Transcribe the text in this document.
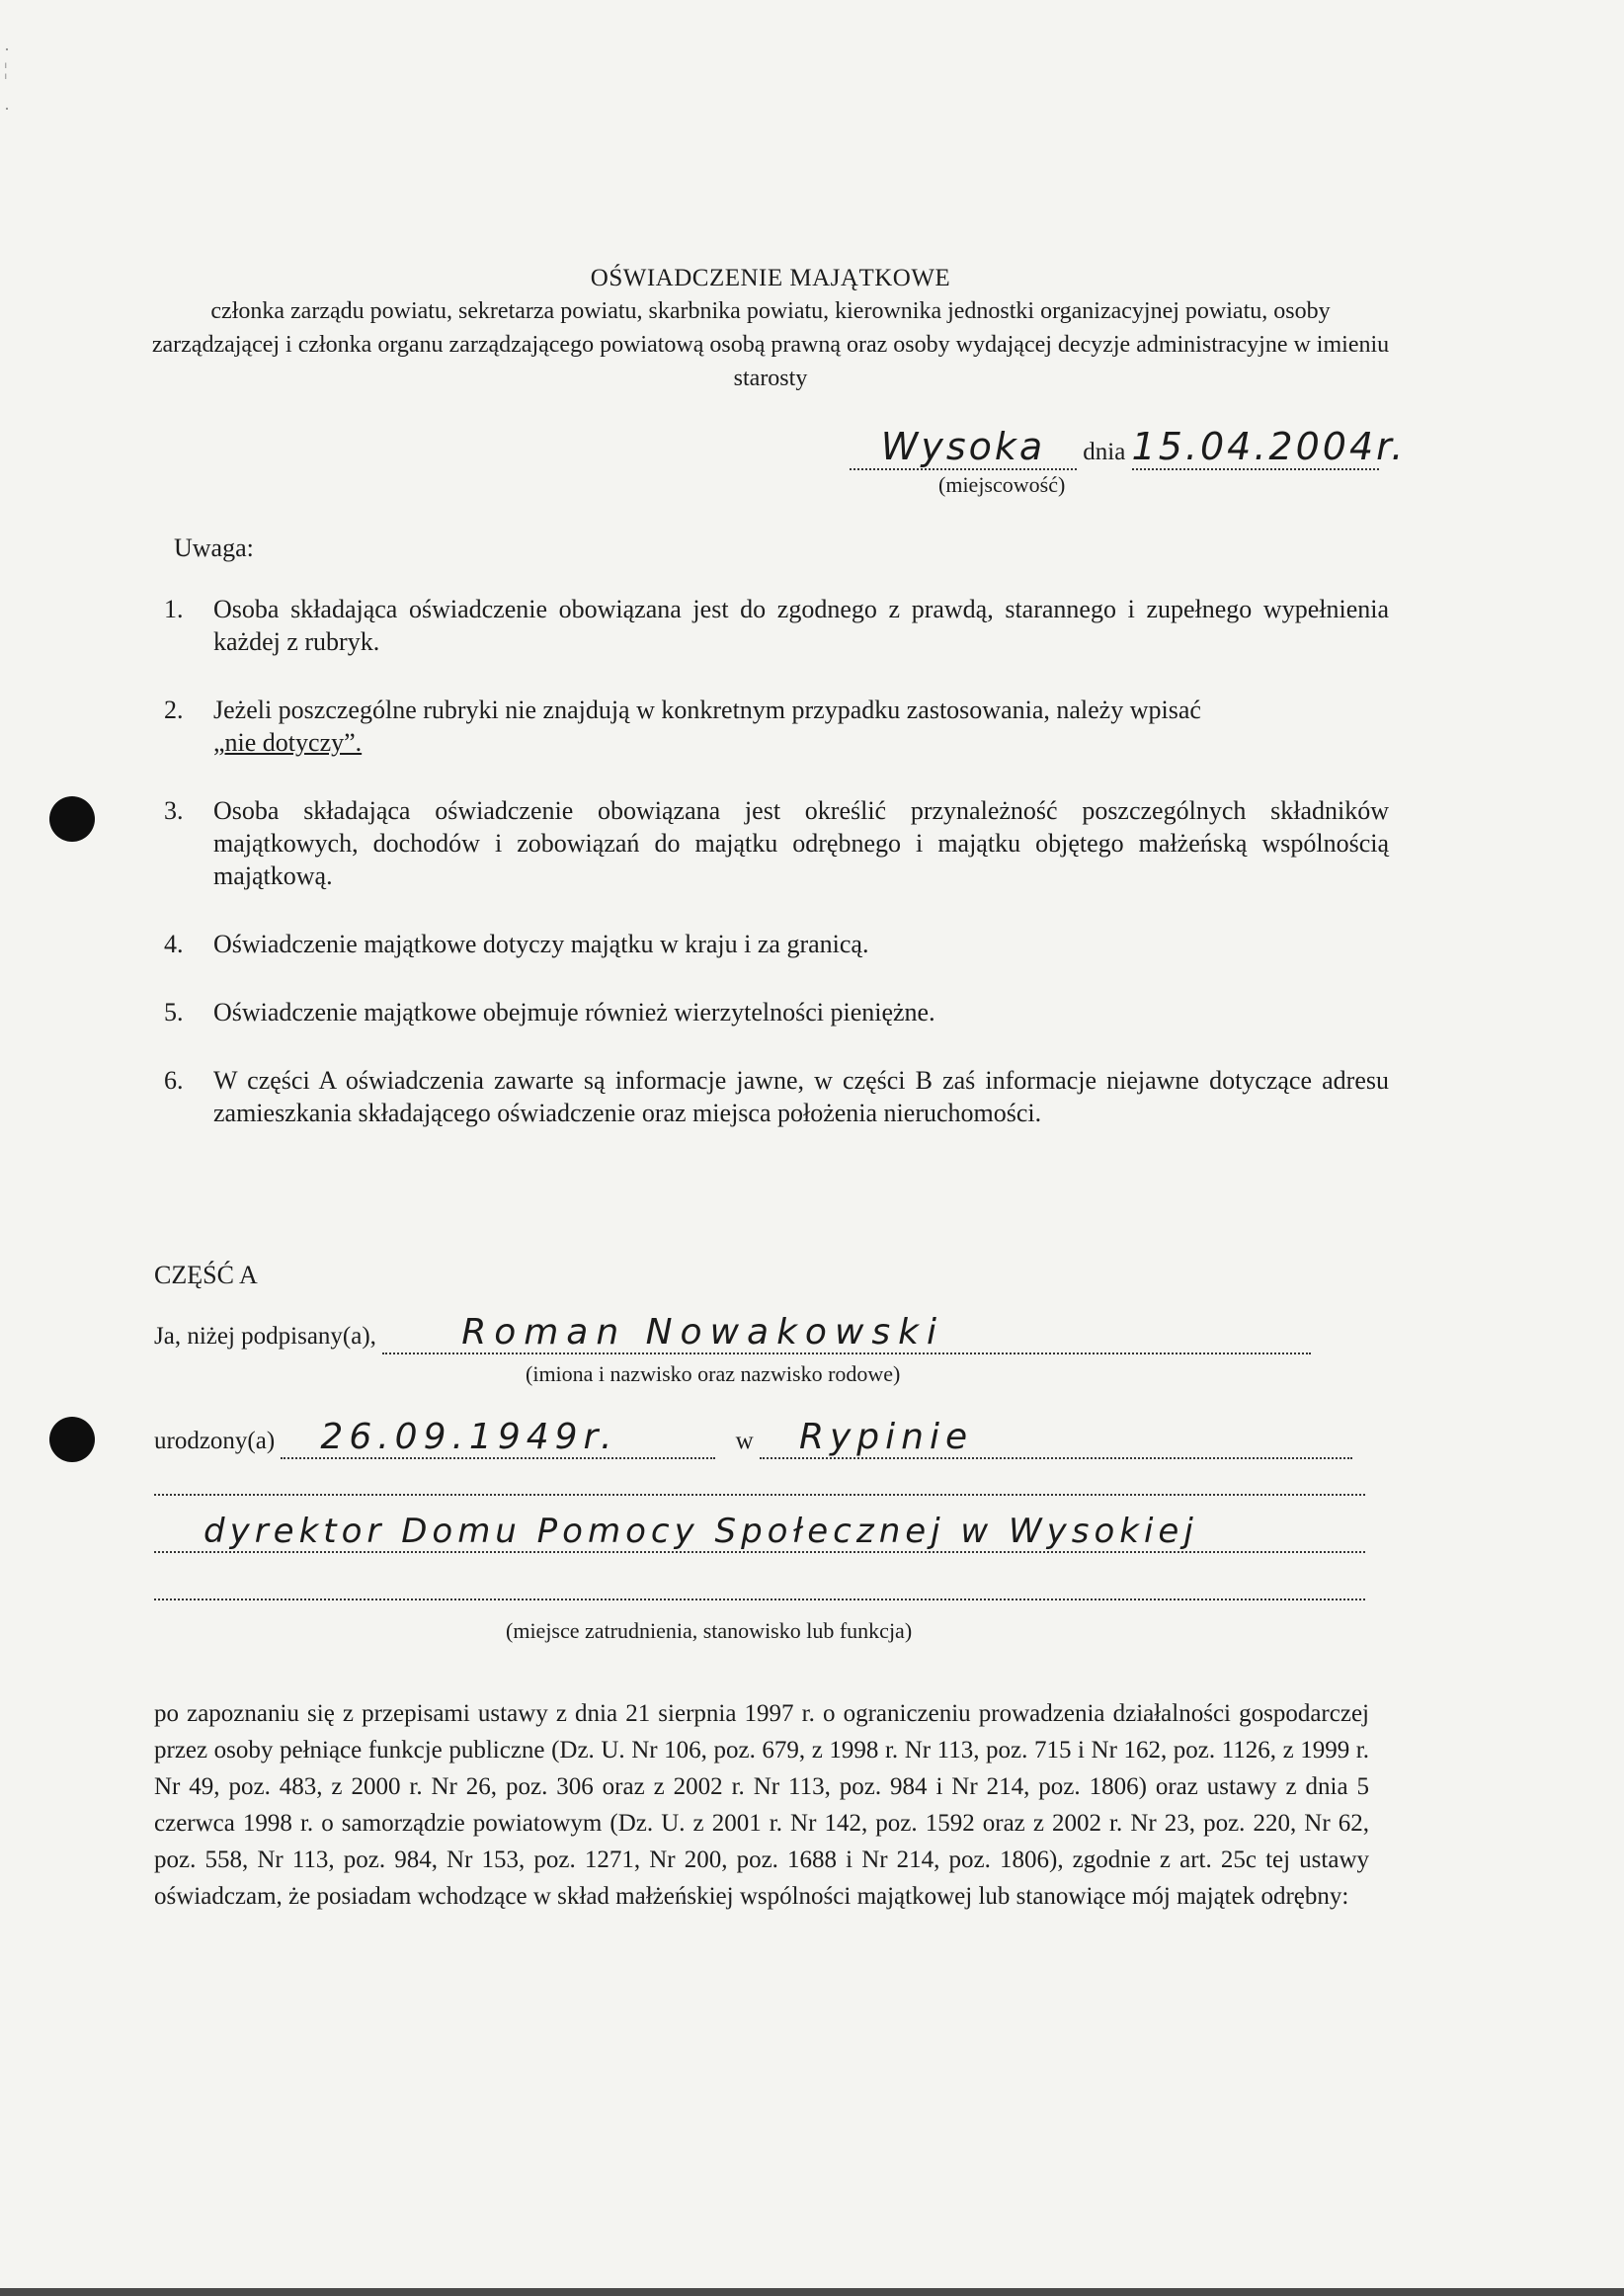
·
¦

·
OŚWIADCZENIE MAJĄTKOWE
członka zarządu powiatu, sekretarza powiatu, skarbnika powiatu, kierownika jednostki organizacyjnej powiatu, osoby zarządzającej i członka organu zarządzającego powiatową osobą prawną oraz osoby wydającej decyzje administracyjne w imieniu starosty
Wysoka dnia 15.04.2004r.
(miejscowość)
Uwaga:
1. Osoba składająca oświadczenie obowiązana jest do zgodnego z prawdą, starannego i zupełnego wypełnienia każdej z rubryk.
2. Jeżeli poszczególne rubryki nie znajdują w konkretnym przypadku zastosowania, należy wpisać
„nie dotyczy”.
3. Osoba składająca oświadczenie obowiązana jest określić przynależność poszczególnych składników majątkowych, dochodów i zobowiązań do majątku odrębnego i majątku objętego małżeńską wspólnością majątkową.
4. Oświadczenie majątkowe dotyczy majątku w kraju i za granicą.
5. Oświadczenie majątkowe obejmuje również wierzytelności pieniężne.
6. W części A oświadczenia zawarte są informacje jawne, w części B zaś informacje niejawne dotyczące adresu zamieszkania składającego oświadczenie oraz miejsca położenia nieruchomości.
CZĘŚĆ A
Ja, niżej podpisany(a), Roman Nowakowski
(imiona i nazwisko oraz nazwisko rodowe)
urodzony(a) 26.09.1949r.	w Rypinie
dyrektor Domu Pomocy Społecznej w Wysokiej
(miejsce zatrudnienia, stanowisko lub funkcja)
po zapoznaniu się z przepisami ustawy z dnia 21 sierpnia 1997 r. o ograniczeniu prowadzenia działalności gospodarczej przez osoby pełniące funkcje publiczne (Dz. U. Nr 106, poz. 679, z 1998 r. Nr 113, poz. 715 i Nr 162, poz. 1126, z 1999 r. Nr 49, poz. 483, z 2000 r. Nr 26, poz. 306 oraz z 2002 r. Nr 113, poz. 984 i Nr 214, poz. 1806) oraz ustawy z dnia 5 czerwca 1998 r. o samorządzie powiatowym (Dz. U. z 2001 r. Nr 142, poz. 1592 oraz z 2002 r. Nr 23, poz. 220, Nr 62, poz. 558, Nr 113, poz. 984, Nr 153, poz. 1271, Nr 200, poz. 1688 i Nr 214, poz. 1806), zgodnie z art. 25c tej ustawy oświadczam, że posiadam wchodzące w skład małżeńskiej wspólności majątkowej lub stanowiące mój majątek odrębny:
